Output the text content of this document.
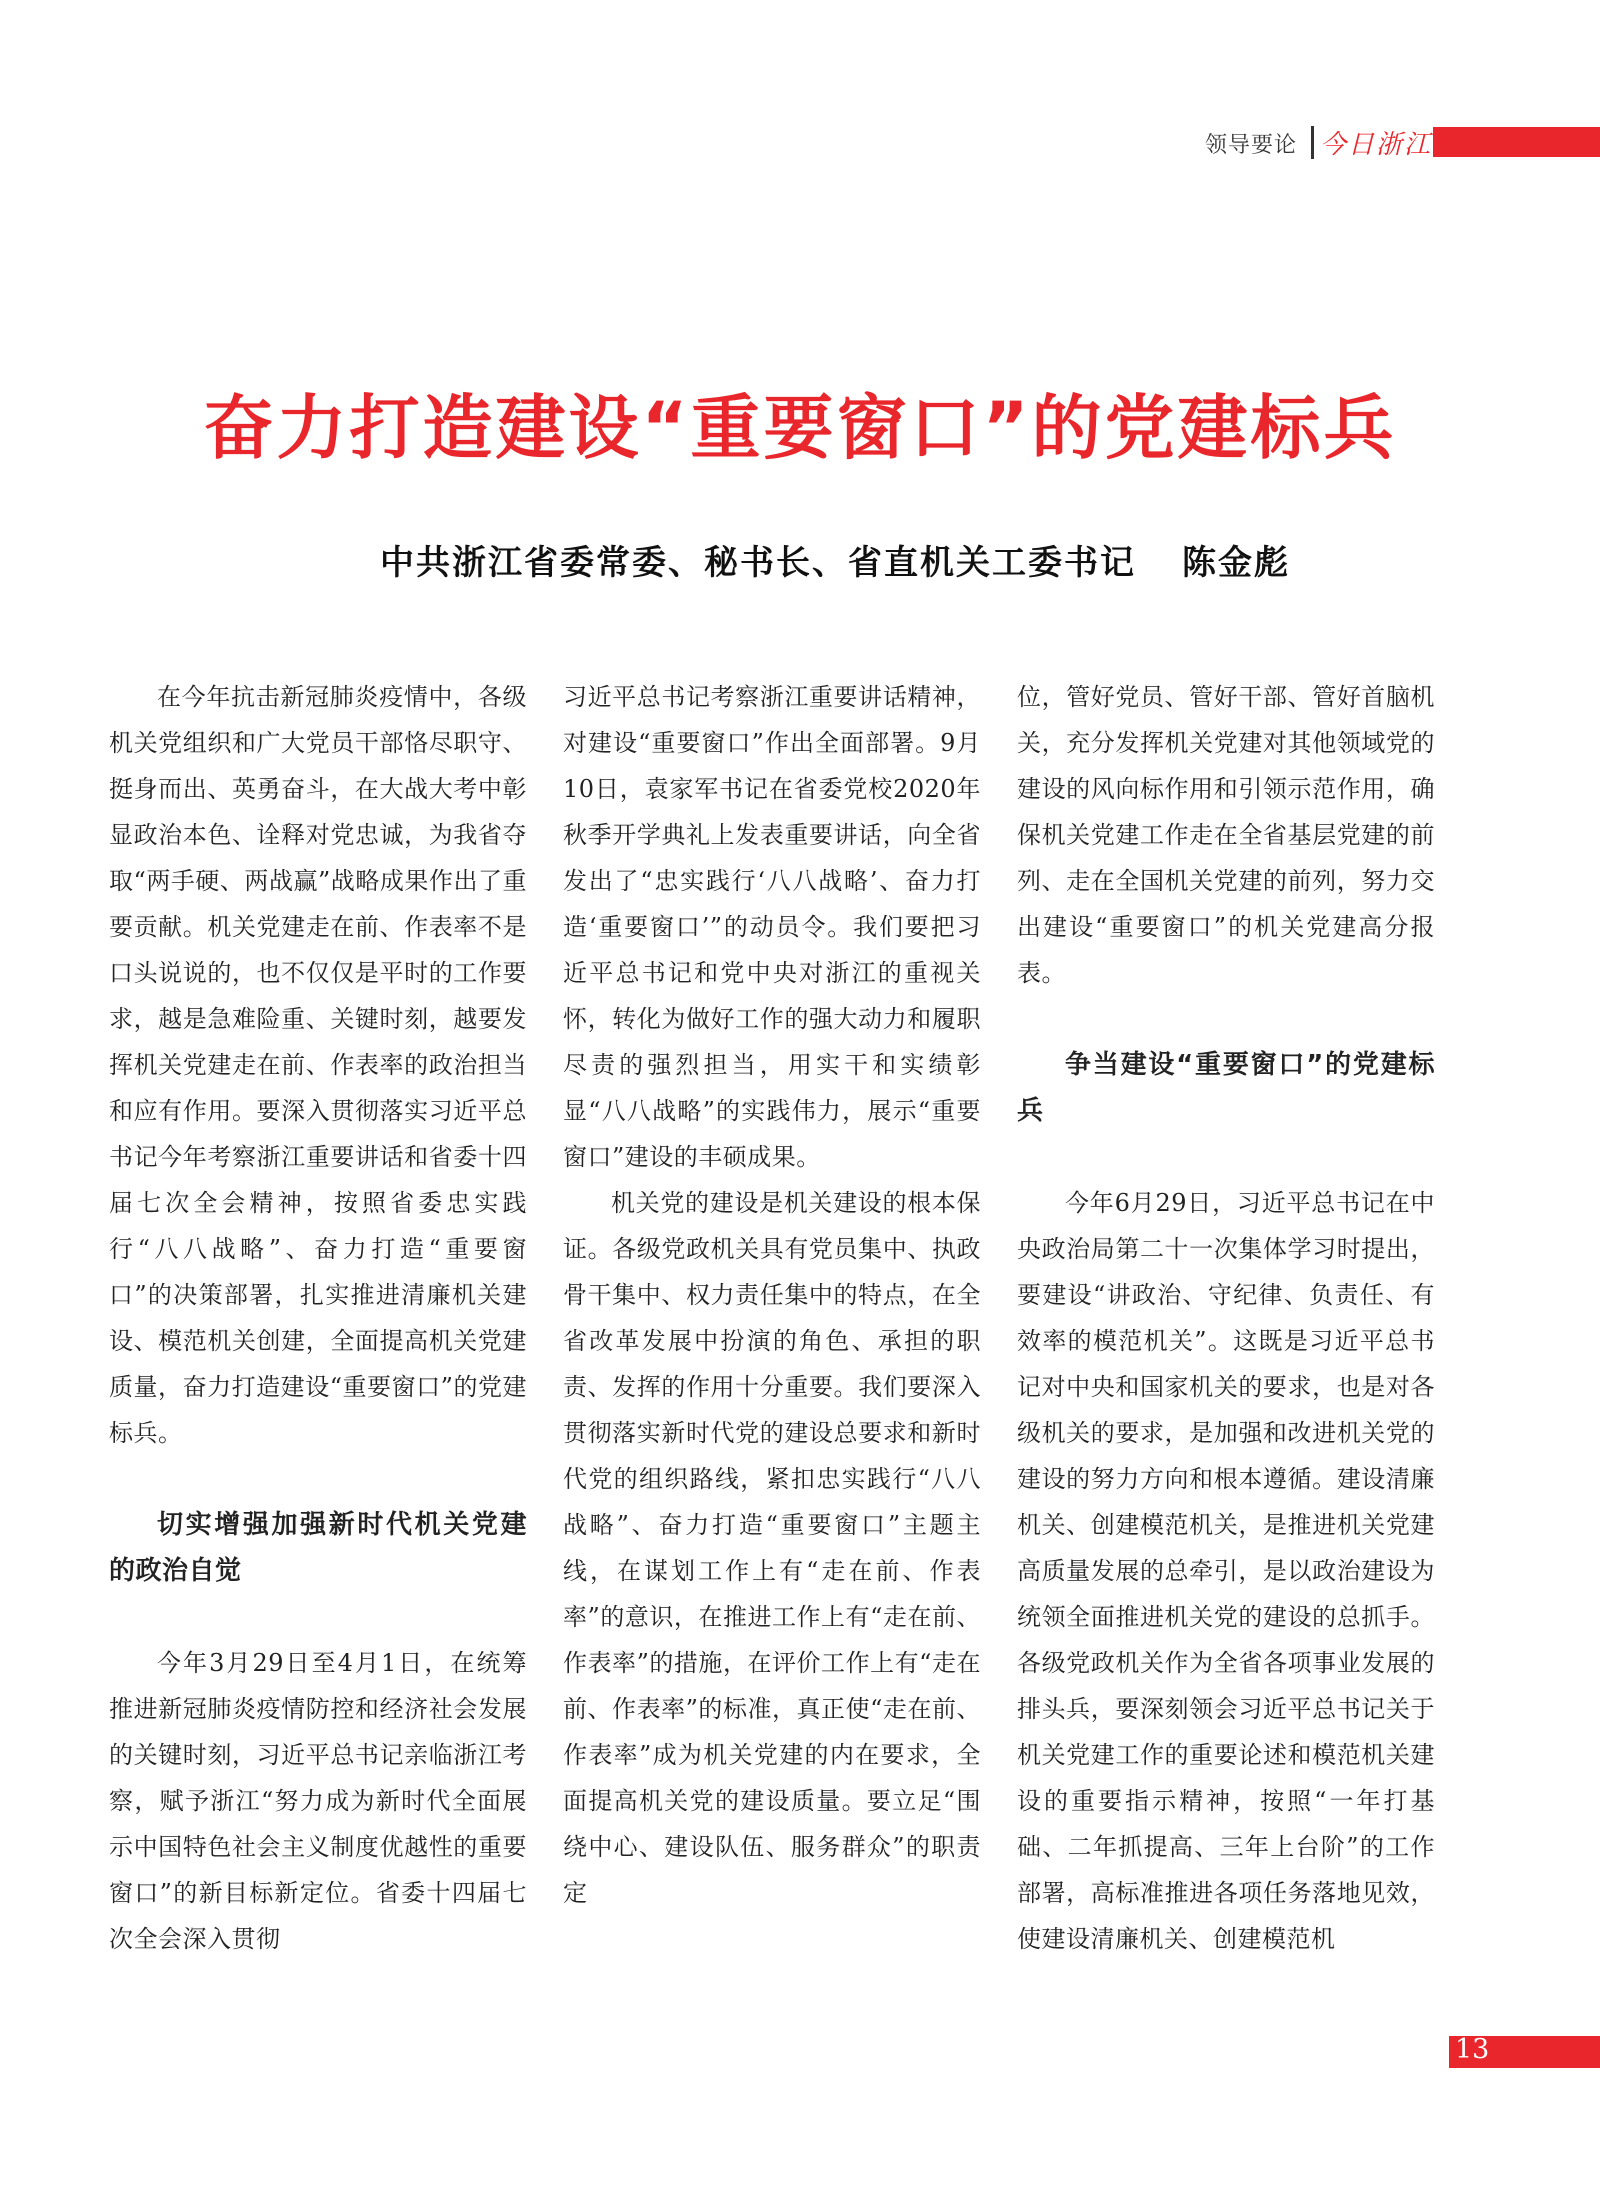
领导要论 今日浙江
奋力打造建设“重要窗口”的党建标兵
中共浙江省委常委、秘书长、省直机关工委书记 陈金彪

在今年抗击新冠肺炎疫情中，各级机关党组织和广大党员干部恪尽职守、挺身而出、英勇奋斗，在大战大考中彰显政治本色、诠释对党忠诚，为我省夺取“两手硬、两战赢”战略成果作出了重要贡献。机关党建走在前、作表率不是口头说说的，也不仅仅是平时的工作要求，越是急难险重、关键时刻，越要发挥机关党建走在前、作表率的政治担当和应有作用。要深入贯彻落实习近平总书记今年考察浙江重要讲话和省委十四届七次全会精神，按照省委忠实践行“八八战略”、奋力打造“重要窗口”的决策部署，扎实推进清廉机关建设、模范机关创建，全面提高机关党建质量，奋力打造建设“重要窗口”的党建标兵。

切实增强加强新时代机关党建的政治自觉

今年3月29日至4月1日，在统筹推进新冠肺炎疫情防控和经济社会发展的关键时刻，习近平总书记亲临浙江考察，赋予浙江“努力成为新时代全面展示中国特色社会主义制度优越性的重要窗口”的新目标新定位。省委十四届七次全会深入贯彻

习近平总书记考察浙江重要讲话精神，对建设“重要窗口”作出全面部署。9月10日，袁家军书记在省委党校2020年秋季开学典礼上发表重要讲话，向全省发出了“忠实践行‘八八战略’、奋力打造‘重要窗口’”的动员令。我们要把习近平总书记和党中央对浙江的重视关怀，转化为做好工作的强大动力和履职尽责的强烈担当，用实干和实绩彰显“八八战略”的实践伟力，展示“重要窗口”建设的丰硕成果。

机关党的建设是机关建设的根本保证。各级党政机关具有党员集中、执政骨干集中、权力责任集中的特点，在全省改革发展中扮演的角色、承担的职责、发挥的作用十分重要。我们要深入贯彻落实新时代党的建设总要求和新时代党的组织路线，紧扣忠实践行“八八战略”、奋力打造“重要窗口”主题主线，在谋划工作上有“走在前、作表率”的意识，在推进工作上有“走在前、作表率”的措施，在评价工作上有“走在前、作表率”的标准，真正使“走在前、作表率”成为机关党建的内在要求，全面提高机关党的建设质量。要立足“围绕中心、建设队伍、服务群众”的职责定

位，管好党员、管好干部、管好首脑机关，充分发挥机关党建对其他领域党的建设的风向标作用和引领示范作用，确保机关党建工作走在全省基层党建的前列、走在全国机关党建的前列，努力交出建设“重要窗口”的机关党建高分报表。

争当建设“重要窗口”的党建标兵

今年6月29日，习近平总书记在中央政治局第二十一次集体学习时提出，要建设“讲政治、守纪律、负责任、有效率的模范机关”。这既是习近平总书记对中央和国家机关的要求，也是对各级机关的要求，是加强和改进机关党的建设的努力方向和根本遵循。建设清廉机关、创建模范机关，是推进机关党建高质量发展的总牵引，是以政治建设为统领全面推进机关党的建设的总抓手。各级党政机关作为全省各项事业发展的排头兵，要深刻领会习近平总书记关于机关党建工作的重要论述和模范机关建设的重要指示精神，按照“一年打基础、二年抓提高、三年上台阶”的工作部署，高标准推进各项任务落地见效，使建设清廉机关、创建模范机

13
